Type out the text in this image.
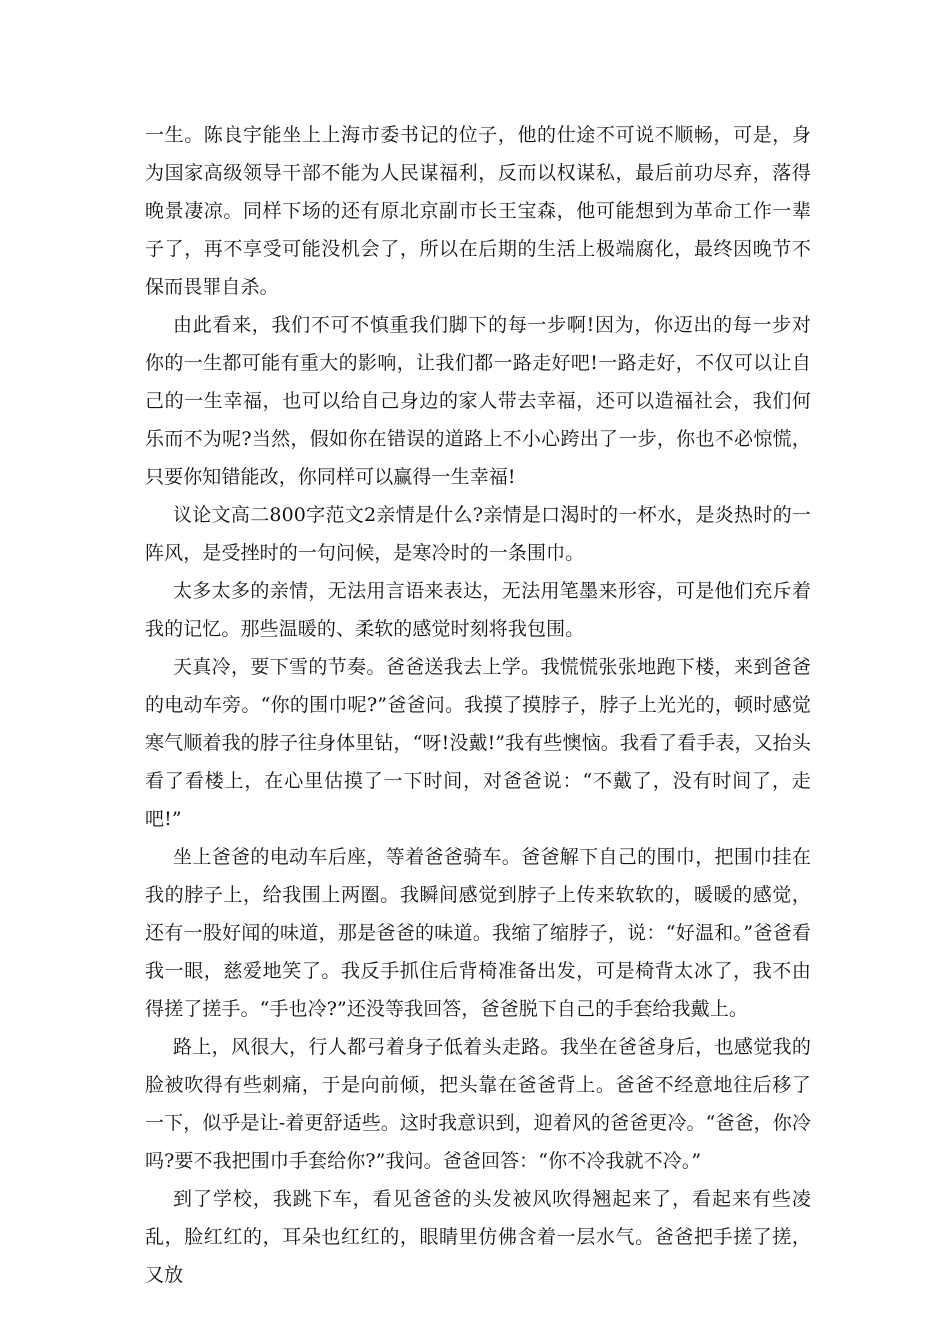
一生。陈良宇能坐上上海市委书记的位子，他的仕途不可说不顺畅，可是，身为国家高级领导干部不能为人民谋福利，反而以权谋私，最后前功尽弃，落得晚景凄凉。同样下场的还有原北京副市长王宝森，他可能想到为革命工作一辈子了，再不享受可能没机会了，所以在后期的生活上极端腐化，最终因晚节不保而畏罪自杀。

由此看来，我们不可不慎重我们脚下的每一步啊!因为，你迈出的每一步对你的一生都可能有重大的影响，让我们都一路走好吧!一路走好，不仅可以让自己的一生幸福，也可以给自己身边的家人带去幸福，还可以造福社会，我们何乐而不为呢?当然，假如你在错误的道路上不小心跨出了一步，你也不必惊慌，只要你知错能改，你同样可以赢得一生幸福!

议论文高二800字范文2亲情是什么?亲情是口渴时的一杯水，是炎热时的一阵风，是受挫时的一句问候，是寒冷时的一条围巾。

太多太多的亲情，无法用言语来表达，无法用笔墨来形容，可是他们充斥着我的记忆。那些温暖的、柔软的感觉时刻将我包围。

天真冷，要下雪的节奏。爸爸送我去上学。我慌慌张张地跑下楼，来到爸爸的电动车旁。“你的围巾呢?”爸爸问。我摸了摸脖子，脖子上光光的，顿时感觉寒气顺着我的脖子往身体里钻，“呀!没戴!”我有些懊恼。我看了看手表，又抬头看了看楼上，在心里估摸了一下时间，对爸爸说：“不戴了，没有时间了，走吧!”

坐上爸爸的电动车后座，等着爸爸骑车。爸爸解下自己的围巾，把围巾挂在我的脖子上，给我围上两圈。我瞬间感觉到脖子上传来软软的，暖暖的感觉，还有一股好闻的味道，那是爸爸的味道。我缩了缩脖子，说：“好温和。”爸爸看我一眼，慈爱地笑了。我反手抓住后背椅准备出发，可是椅背太冰了，我不由得搓了搓手。“手也冷?”还没等我回答，爸爸脱下自己的手套给我戴上。

路上，风很大，行人都弓着身子低着头走路。我坐在爸爸身后，也感觉我的脸被吹得有些刺痛，于是向前倾，把头靠在爸爸背上。爸爸不经意地往后移了一下，似乎是让-着更舒适些。这时我意识到，迎着风的爸爸更冷。“爸爸，你冷吗?要不我把围巾手套给你?”我问。爸爸回答：“你不冷我就不冷。”

到了学校，我跳下车，看见爸爸的头发被风吹得翘起来了，看起来有些凌乱，脸红红的，耳朵也红红的，眼睛里仿佛含着一层水气。爸爸把手搓了搓，又放
